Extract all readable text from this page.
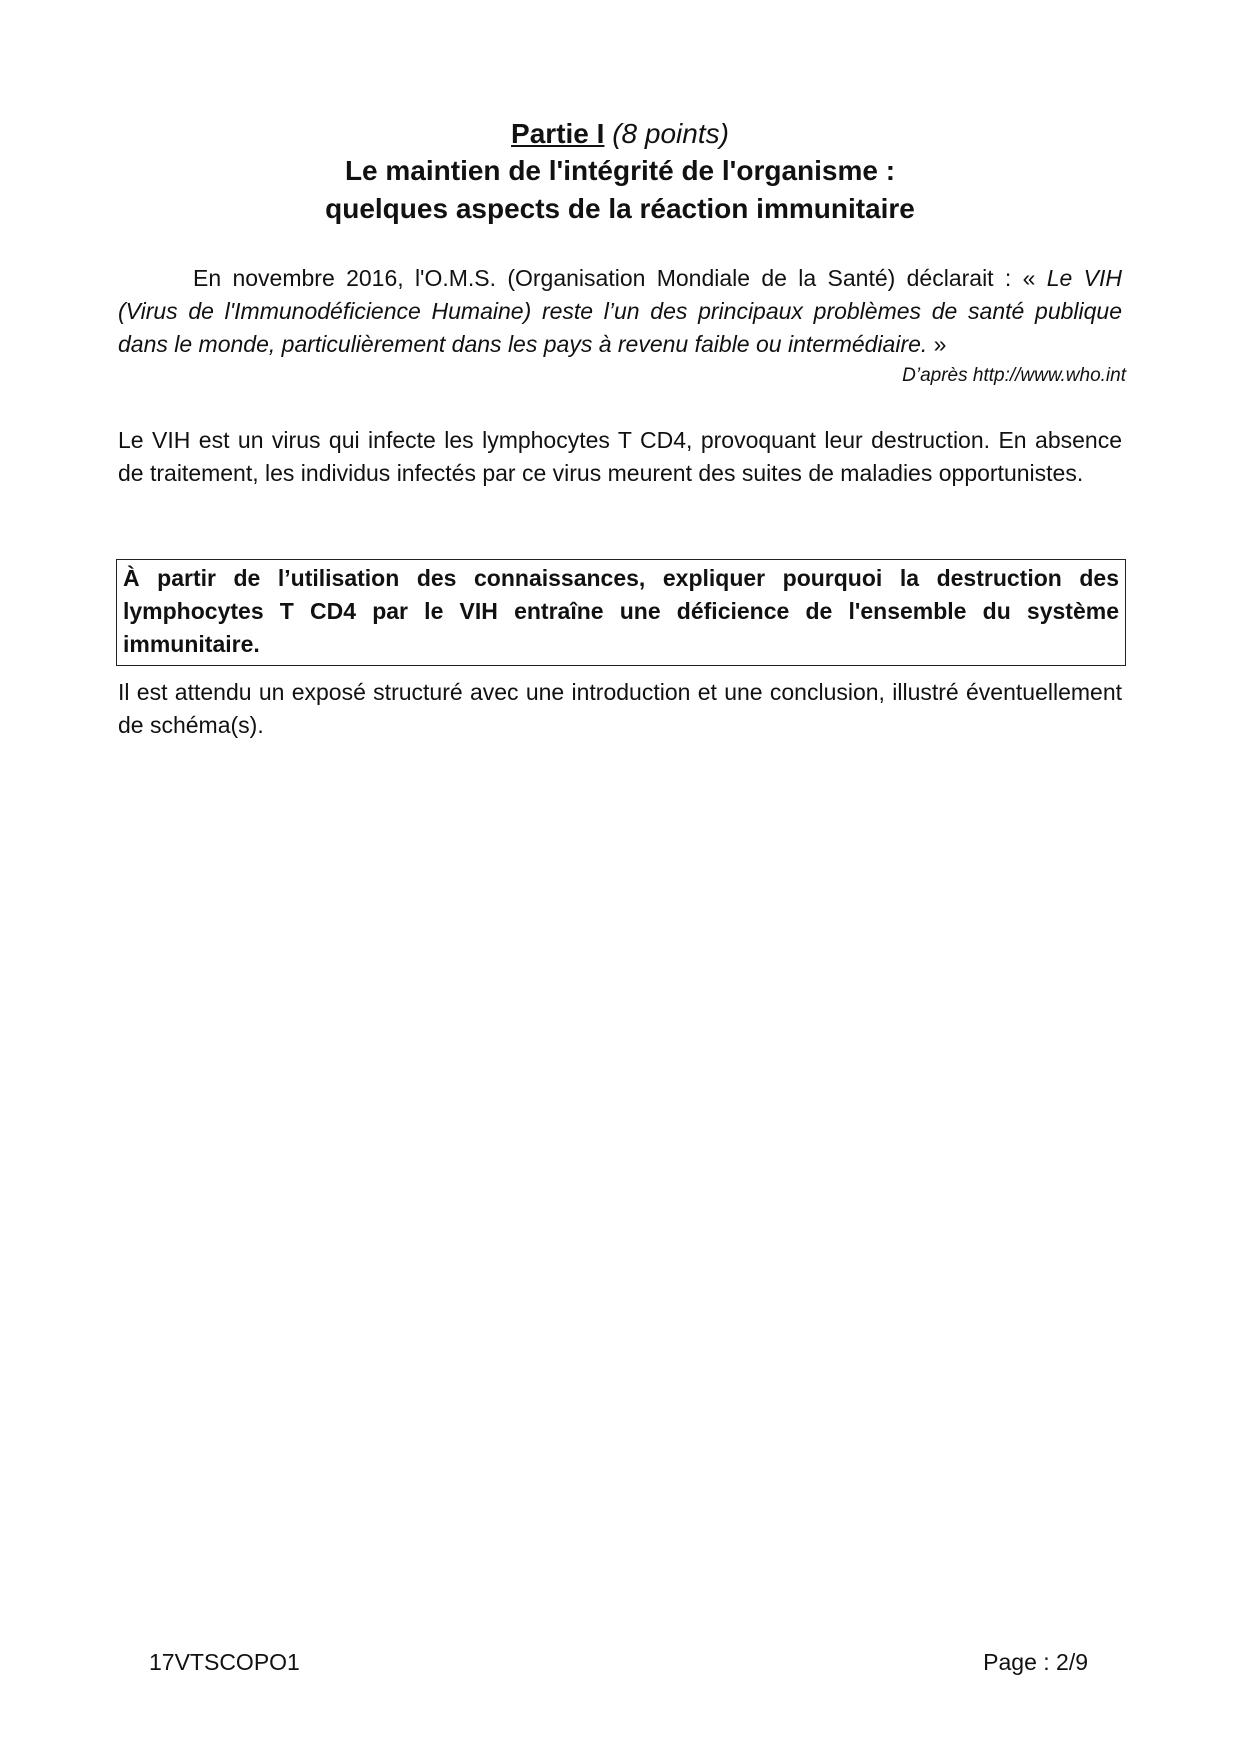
Partie I (8 points)
Le maintien de l'intégrité de l'organisme :
quelques aspects de la réaction immunitaire

En novembre 2016, l'O.M.S. (Organisation Mondiale de la Santé) déclarait : « Le VIH (Virus de l'Immunodéficience Humaine) reste l’un des principaux problèmes de santé publique dans le monde, particulièrement dans les pays à revenu faible ou intermédiaire. »

D’après http://www.who.int

Le VIH est un virus qui infecte les lymphocytes T CD4, provoquant leur destruction. En absence de traitement, les individus infectés par ce virus meurent des suites de maladies opportunistes.

À partir de l’utilisation des connaissances, expliquer pourquoi la destruction des lymphocytes T CD4 par le VIH entraîne une déficience de l'ensemble du système immunitaire.

Il est attendu un exposé structuré avec une introduction et une conclusion, illustré éventuellement de schéma(s).

17VTSCOPO1	Page : 2/9
